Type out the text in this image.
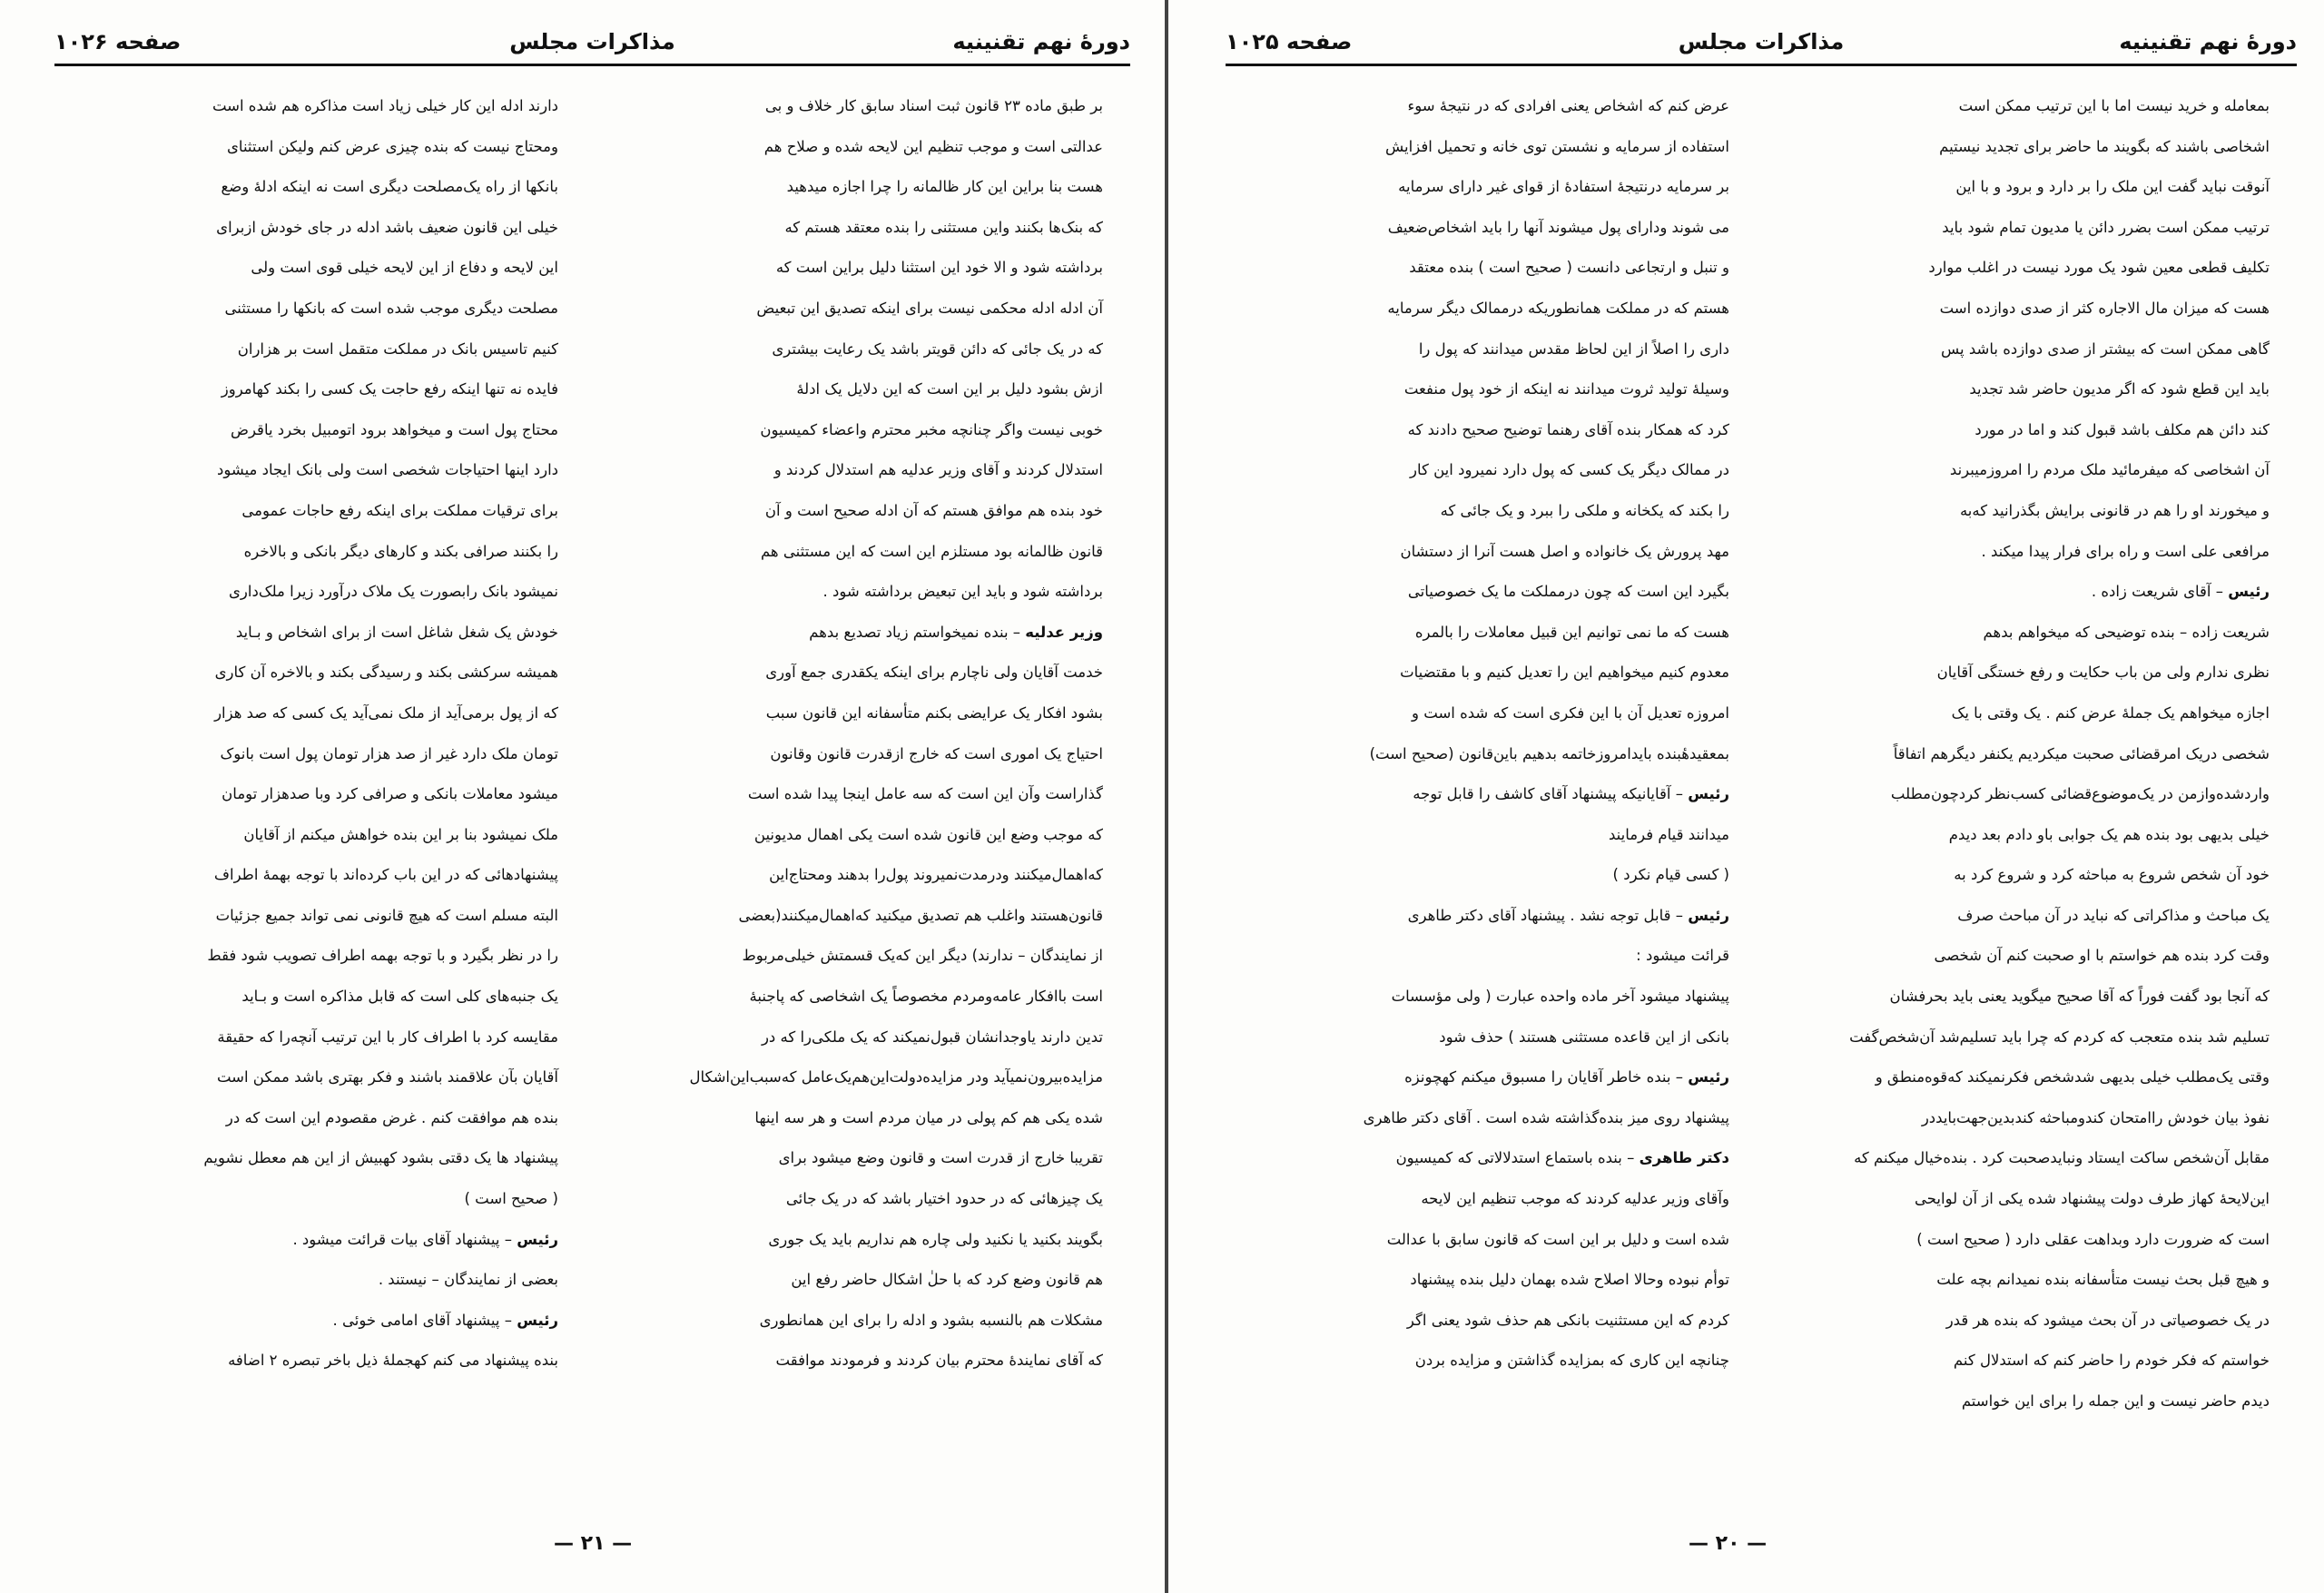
دورهٔ نهم تقنینیه
مذاکرات مجلس
صفحه ۱۰۲۶

بر طبق ماده ۲۳ قانون ثبت اسناد سابق کار خلاف و بی

عدالتی است و موجب تنظیم این لایحه شده و صلاح هم

هست بنا براین این کار ظالمانه را چرا اجازه میدهید

که بنک‌ها بکنند واین مستثنی را بنده معتقد هستم که

برداشته شود و الا خود این استثنا دلیل براین است که

آن ادله ادله محکمی نیست برای اینکه تصدیق این تبعیض

که در یک جائی که دائن قویتر باشد یک رعایت بیشتری

ازش بشود دلیل بر این است که این دلایل یک ادلهٔ

خوبی نیست واگر چنانچه مخبر محترم واعضاء کمیسیون

استدلال کردند و آقای وزیر عدلیه هم استدلال کردند و

خود بنده هم موافق هستم که آن ادله صحیح است و آن

قانون ظالمانه بود مستلزم این است که این مستثنی هم

برداشته شود و باید این تبعیض برداشته شود .

وزیر عدلیه – بنده نمیخواستم زیاد تصدیع بدهم

خدمت آقایان ولی ناچارم برای اینکه یکقدری جمع آوری

بشود افکار یک عرایضی بکنم متأسفانه این قانون سبب

احتیاج یک اموری است که خارج ازقدرت قانون وقانون

گذاراست وآن این است که سه عامل اینجا پیدا شده است

که موجب وضع این قانون شده است یکی اهمال مدیونین

که‌اهمال‌میکنند ودرمدت‌نمیروند پول‌را بدهند ومحتاج‌این

قانون‌هستند واغلب هم تصدیق میکنید که‌اهمال‌میکنند(بعضی

از نمایندگان – ندارند) دیگر این که‌یک قسمتش خیلی‌مربوط

است باافکار عامه‌ومردم مخصوصاً یک اشخاصی که پاجنبهٔ

تدین دارند یاوجدانشان قبول‌نمیکند که یک ملکی‌را که در

مزایده‌بیرون‌نمیآید ودر مزایده‌دولت‌این‌هم‌یک‌عامل که‌سبب‌این‌اشکال

شده یکی هم کم پولی در میان مردم است و هر سه اینها

تقریبا خارج از قدرت است و قانون وضع میشود برای

یک چیزهائی که در حدود اختیار باشد که در یک جائی

بگویند بکنید یا نکنید ولی چاره هم نداریم باید یک جوری

هم قانون وضع کرد که با حلٰ اشکال حاضر رفع این

مشکلات هم بالنسبه بشود و ادله را برای این همانطوری

که آقای نمایندهٔ محترم بیان کردند و فرمودند موافقت

دارند ادله این کار خیلی زیاد است مذاکره هم شده است

ومحتاج نیست که بنده چیزی عرض کنم ولیکن استثنای

بانکها از راه یک‌مصلحت دیگری است نه اینکه ادلهٔ وضع

خیلی این قانون ضعیف باشد ادله در جای خودش ازبرای

این لایحه و دفاع از این لایحه خیلی قوی است ولی

مصلحت دیگری موجب شده است که بانکها را مستثنی

کنیم تاسیس بانک در مملکت متقمل است بر هزاران

فایده نه تنها اینکه رفع حاجت یک کسی را بکند کهامروز

محتاج پول است و میخواهد برود اتومبیل بخرد یاقرض

دارد اینها احتیاجات شخصی است ولی بانک ایجاد میشود

برای ترقیات مملکت برای اینکه رفع حاجات عمومی

را بکنند صرافی بکند و کارهای دیگر بانکی و بالاخره

نمیشود بانک رابصورت یک ملاک درآورد زیرا ملک‌داری

خودش یک شغل شاغل است از برای اشخاص و بـاید

همیشه سرکشی بکند و رسیدگی بکند و بالاخره آن کاری

که از پول برمی‌آید از ملک نمی‌آید یک کسی که صد هزار

تومان ملک دارد غیر از صد هزار تومان پول است بانوک

میشود معاملات بانکی و صرافی کرد وبا صدهزار تومان

ملک نمیشود بنا بر این بنده خواهش میکنم از آقایان

پیشنهادهائی که در این باب کرده‌اند با توجه بهمهٔ اطراف

البته مسلم است که هیچ قانونی نمی تواند جمیع جزئیات

را در نظر بگیرد و با توجه بهمه اطراف تصویب شود فقط

یک جنبه‌های کلی است که قابل مذاکره است و بـاید

مقایسه کرد با اطراف کار با این ترتیب آنچه‌را که حقیقة

آقایان بآن علاقمند باشند و فکر بهتری باشد ممکن است

بنده هم موافقت کنم . غرض مقصودم این است که در

پیشنهاد ها یک دقتی بشود کهبیش از این هم معطل نشویم

( صحیح است )

رئیس – پیشنهاد آقای بیات قرائت میشود .

بعضی از نمایندگان – نیستند .

رئیس – پیشنهاد آقای امامی خوئی .

بنده پیشنهاد می کنم کهجملهٔ ذیل باخر تبصره ۲ اضافه

— ۲۱ —
دورهٔ نهم تقنینیه
مذاکرات مجلس
صفحه ۱۰۲۵

بمعامله و خرید نیست اما با این ترتیب ممکن است

اشخاصی باشند که بگویند ما حاضر برای تجدید نیستیم

آنوقت نباید گفت این ملک را بر دارد و برود و با این

ترتیب ممکن است بضرر دائن یا مدیون تمام شود باید

تکلیف قطعی معین شود یک مورد نیست در اغلب موارد

هست که میزان مال الاجاره کثر از صدی دوازده است

گاهی ممکن است که بیشتر از صدی دوازده باشد پس

باید این قطع شود که اگر مدیون حاضر شد تجدید

کند دائن هم مکلف باشد قبول کند و اما در مورد

آن اشخاصی که میفرمائید ملک مردم را امروزمیبرند

و میخورند او را هم در قانونی برایش بگذرانید که‌به

مرافعی علی است و راه برای فرار پیدا میکند .

رئیس – آقای شریعت زاده .

شریعت زاده – بنده توضیحی که میخواهم بدهم

نظری ندارم ولی من باب حکایت و رفع خستگی آقایان

اجازه میخواهم یک جملهٔ عرض کنم . یک وقتی با یک

شخصی دریک امرقضائی صحبت میکردیم یکنفر دیگرهم اتفاقاً

واردشده‌وازمن در یک‌موضوع‌قضائی کسب‌نظر کردچون‌مطلب

خیلی بدیهی بود بنده هم یک جوابی باو دادم بعد دیدم

خود آن شخص شروع به مباحثه کرد و شروع کرد به

یک مباحث و مذاکراتی که نباید در آن مباحث صرف

وقت کرد بنده هم خواستم با او صحبت کنم آن شخصی

که آنجا بود گفت فوراً که آقا صحیح میگوید یعنی باید بحرفشان

تسلیم شد بنده متعجب که کردم که چرا باید تسلیم‌شد آن‌شخص‌گفت

وقتی یک‌مطلب خیلی بدیهی شد‌شخص فکرنمیکند که‌قوه‌منطق و

نفوذ بیان خودش را‌امتحان کند‌ومباحثه کندبدین‌جهت‌باید‌در

مقابل آن‌شخص ساکت ایستاد ونباید‌صحبت کرد . بنده‌خیال میکنم که

این‌لایحهٔ کهاز طرف دولت پیشنهاد شده یکی از آن لوایحی

است که ضرورت دارد وبداهت عقلی دارد ( صحیح است )

و هیچ قبل بحث نیست متأسفانه بنده نمیدانم بچه علت

در یک خصوصیاتی در آن بحث میشود که بنده هر قدر

خواستم که فکر خودم را حاضر کنم که استدلال کنم

دیدم حاضر نیست و این جمله را برای این خواستم

عرض کنم که اشخاص یعنی افرادی که در نتیجهٔ سوء

استفاده از سرمایه و نشستن توی خانه و تحمیل افزایش

بر سرمایه درنتیجهٔ استفادهٔ از قوای غیر دارای سرمایه

می شوند ودارای پول میشوند آنها را باید اشخاص‌ضعیف

و تنبل و ارتجاعی دانست ( صحیح است ) بنده معتقد

هستم که در مملکت همانطوریکه درممالک دیگر سرمایه

داری را اصلاً از این لحاظ مقدس میدانند که پول را

وسیلهٔ تولید ثروت میدانند نه اینکه از خود پول منفعت

کرد که همکار بنده آقای رهنما توضیح صحیح دادند که

در ممالک دیگر یک کسی که پول دارد نمیرود این کار

را بکند که یکخانه و ملکی را ببرد و یک جائی که

مهد پرورش یک خانواده و اصل هست آنرا از دستشان

بگیرد این است که چون درمملکت ما یک خصوصیاتی

هست که ما نمی توانیم این قبیل معاملات را بالمره

معدوم کنیم میخواهیم این را تعدیل کنیم و با مقتضیات

امروزه تعدیل آن با این فکری است که شده است و

بمعقیدهٔبنده بایدامروزخاتمه بدهیم باین‌قانون (صحیح است)

رئیس – آقایانیکه پیشنهاد آقای کاشف را قابل توجه

میدانند قیام فرمایند

( کسی قیام نکرد )

رئیس – قابل توجه نشد . پیشنهاد آقای دکتر طاهری

قرائت میشود :

پیشنهاد میشود آخر ماده واحده عبارت ( ولی مؤسسات

بانکی از این قاعده مستثنی هستند ) حذف شود

رئیس – بنده خاطر آقایان را مسبوق میکنم کهچونزه

پیشنهاد روی میز بنده‌گذاشته شده است . آقای دکتر طاهری

دکتر طاهری – بنده باستماع استدلالاتی که کمیسیون

وآقای وزیر عدلیه کردند که موجب تنظیم این لایحه

شده است و دلیل بر این است که قانون سابق با عدالت

توأم نبوده وحالا اصلاح شده بهمان دلیل بنده پیشنهاد

کردم که این مستثنیت بانکی هم حذف شود یعنی اگر

چنانچه این کاری که بمزایده گذاشتن و مزایده بردن

— ۲۰ —
